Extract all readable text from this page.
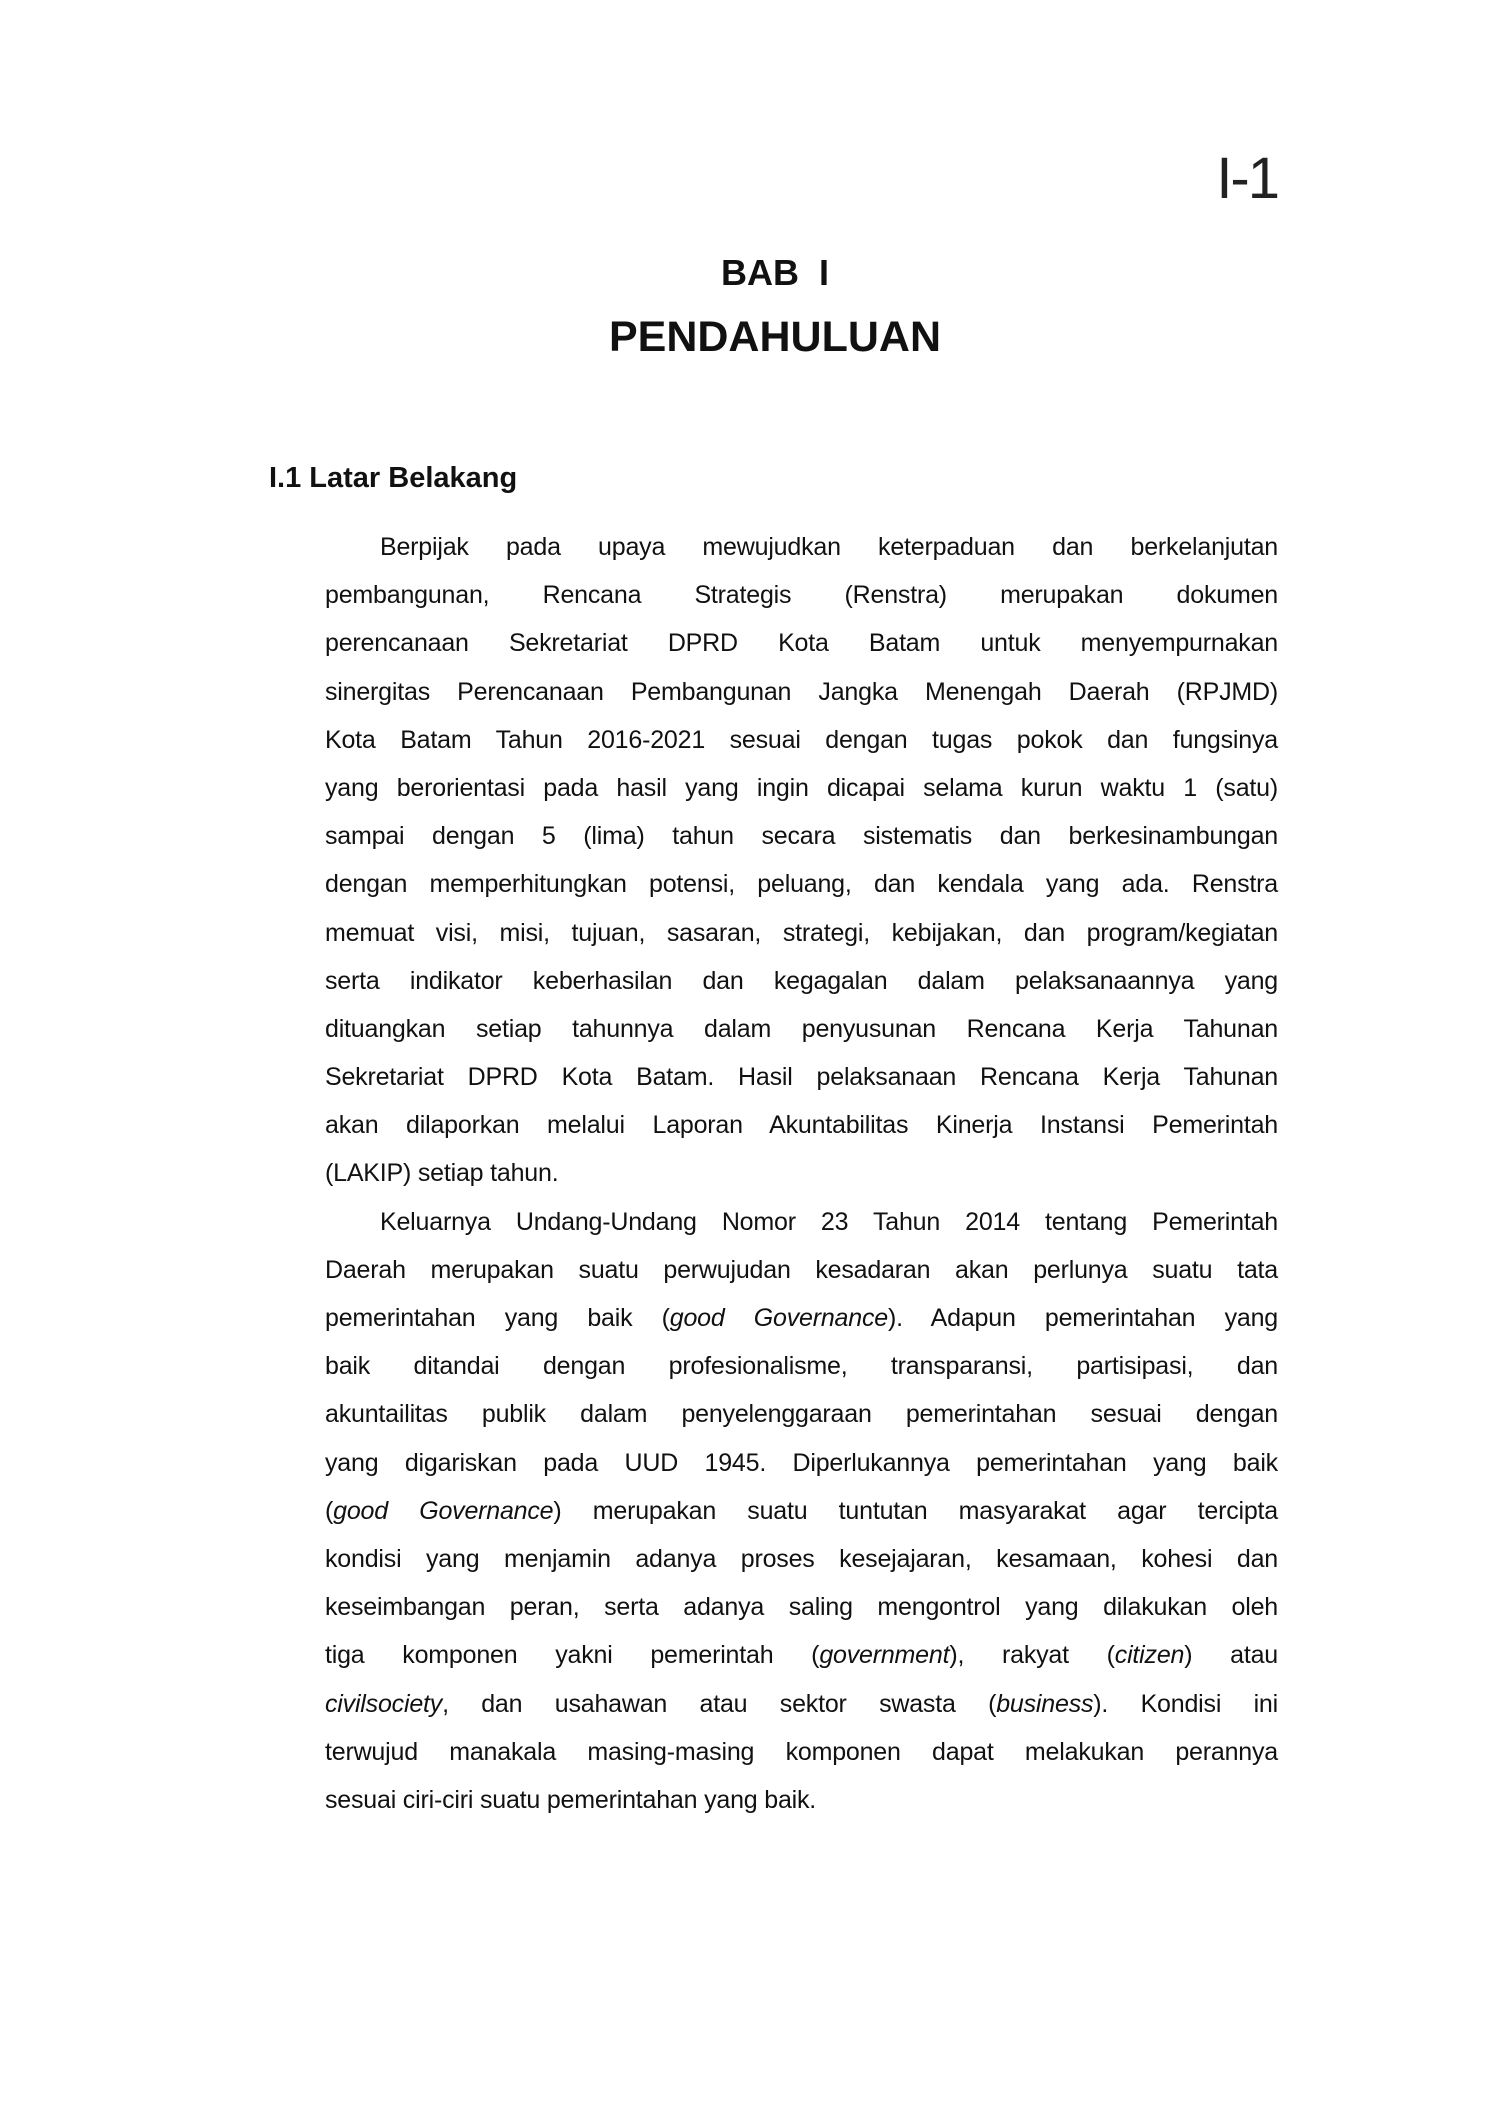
I-1
BAB I
PENDAHULUAN
I.1 Latar Belakang
Berpijak pada upaya mewujudkan keterpaduan dan berkelanjutan
pembangunan, Rencana Strategis (Renstra) merupakan dokumen
perencanaan Sekretariat DPRD Kota Batam untuk menyempurnakan
sinergitas Perencanaan Pembangunan Jangka Menengah Daerah (RPJMD)
Kota Batam Tahun 2016-2021 sesuai dengan tugas pokok dan fungsinya
yang berorientasi pada hasil yang ingin dicapai selama kurun waktu 1 (satu)
sampai dengan 5 (lima) tahun secara sistematis dan berkesinambungan
dengan memperhitungkan potensi, peluang, dan kendala yang ada. Renstra
memuat visi, misi, tujuan, sasaran, strategi, kebijakan, dan program/kegiatan
serta indikator keberhasilan dan kegagalan dalam pelaksanaannya yang
dituangkan setiap tahunnya dalam penyusunan Rencana Kerja Tahunan
Sekretariat DPRD Kota Batam. Hasil pelaksanaan Rencana Kerja Tahunan
akan dilaporkan melalui Laporan Akuntabilitas Kinerja Instansi Pemerintah
(LAKIP) setiap tahun.
Keluarnya Undang-Undang Nomor 23 Tahun 2014 tentang Pemerintah
Daerah merupakan suatu perwujudan kesadaran akan perlunya suatu tata
pemerintahan yang baik (good Governance). Adapun pemerintahan yang
baik ditandai dengan profesionalisme, transparansi, partisipasi, dan
akuntailitas publik dalam penyelenggaraan pemerintahan sesuai dengan
yang digariskan pada UUD 1945. Diperlukannya pemerintahan yang baik
(good Governance) merupakan suatu tuntutan masyarakat agar tercipta
kondisi yang menjamin adanya proses kesejajaran, kesamaan, kohesi dan
keseimbangan peran, serta adanya saling mengontrol yang dilakukan oleh
tiga komponen yakni pemerintah (government), rakyat (citizen) atau
civilsociety, dan usahawan atau sektor swasta (business). Kondisi ini
terwujud manakala masing-masing komponen dapat melakukan perannya
sesuai ciri-ciri suatu pemerintahan yang baik.
